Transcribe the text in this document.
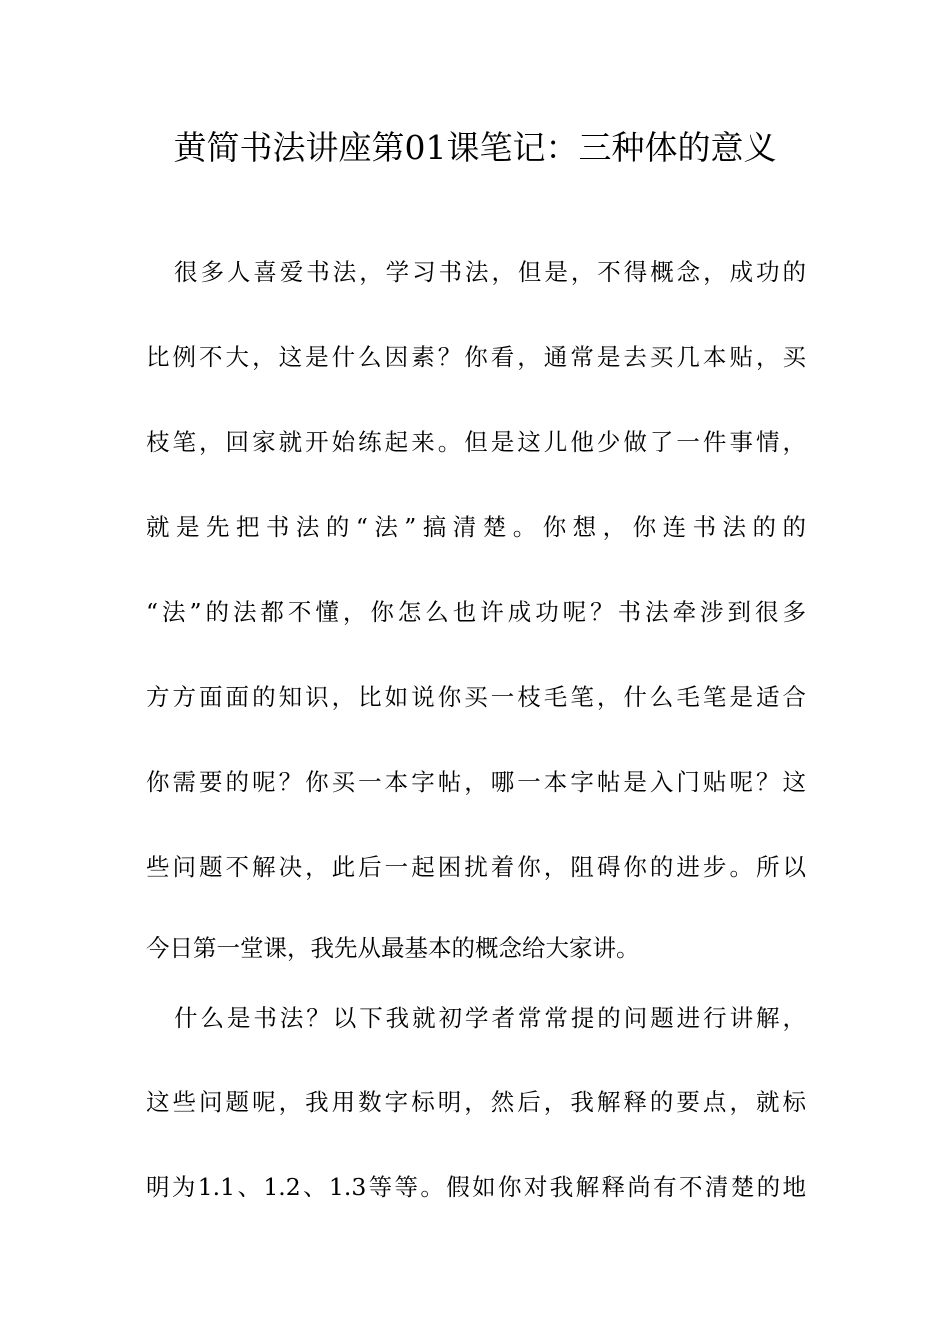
黄简书法讲座第01课笔记：三种体的意义
很多人喜爱书法，学习书法，但是，不得概念，成功的
比例不大，这是什么因素？你看，通常是去买几本贴，买
枝笔，回家就开始练起来。但是这儿他少做了一件事情，
就是先把书法的“法”搞清楚。你想，你连书法的的
“法”的法都不懂，你怎么也许成功呢？书法牵涉到很多
方方面面的知识，比如说你买一枝毛笔，什么毛笔是适合
你需要的呢？你买一本字帖，哪一本字帖是入门贴呢？这
些问题不解决，此后一起困扰着你，阻碍你的进步。所以
今日第一堂课，我先从最基本的概念给大家讲。
什么是书法？以下我就初学者常常提的问题进行讲解，
这些问题呢，我用数字标明，然后，我解释的要点，就标
明为1.1、1.2、1.3等等。假如你对我解释尚有不清楚的地
